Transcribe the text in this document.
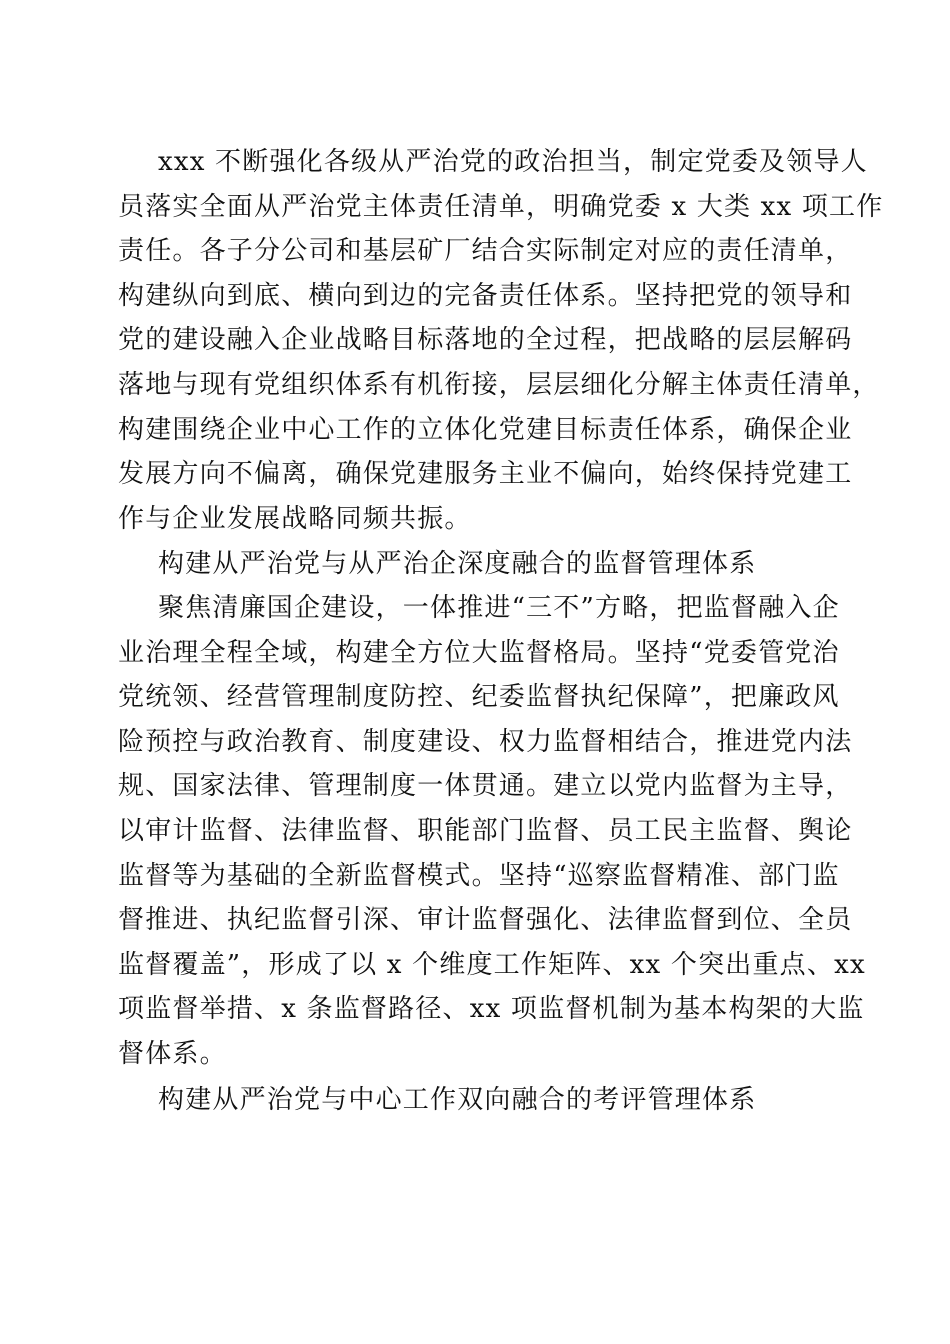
xxx 不断强化各级从严治党的政治担当，制定党委及领导人
员落实全面从严治党主体责任清单，明确党委 x 大类 xx 项工作
责任。各子分公司和基层矿厂结合实际制定对应的责任清单，
构建纵向到底、横向到边的完备责任体系。坚持把党的领导和
党的建设融入企业战略目标落地的全过程，把战略的层层解码
落地与现有党组织体系有机衔接，层层细化分解主体责任清单，
构建围绕企业中心工作的立体化党建目标责任体系，确保企业
发展方向不偏离，确保党建服务主业不偏向，始终保持党建工
作与企业发展战略同频共振。
构建从严治党与从严治企深度融合的监督管理体系
聚焦清廉国企建设，一体推进“三不”方略，把监督融入企
业治理全程全域，构建全方位大监督格局。坚持“党委管党治
党统领、经营管理制度防控、纪委监督执纪保障”，把廉政风
险预控与政治教育、制度建设、权力监督相结合，推进党内法
规、国家法律、管理制度一体贯通。建立以党内监督为主导，
以审计监督、法律监督、职能部门监督、员工民主监督、舆论
监督等为基础的全新监督模式。坚持“巡察监督精准、部门监
督推进、执纪监督引深、审计监督强化、法律监督到位、全员
监督覆盖”，形成了以 x 个维度工作矩阵、xx 个突出重点、xx
项监督举措、x 条监督路径、xx 项监督机制为基本构架的大监
督体系。
构建从严治党与中心工作双向融合的考评管理体系
